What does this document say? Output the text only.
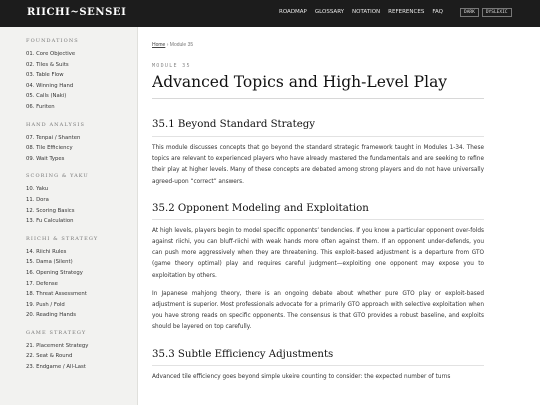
RIICHI~SENSEI	ROADMAP GLOSSARY NOTATION REFERENCES FAQ	DARK	DYSLEXIC
FOUNDATIONS
01. Core Objective
02. Tiles & Suits
03. Table Flow
04. Winning Hand
05. Calls (Naki)
06. Furiten
HAND ANALYSIS
07. Tenpai / Shanten
08. Tile Efficiency
09. Wait Types
SCORING & YAKU
10. Yaku
11. Dora
12. Scoring Basics
13. Fu Calculation
RIICHI & STRATEGY
14. Riichi Rules
15. Dama (Silent)
16. Opening Strategy
17. Defense
18. Threat Assessment
19. Push / Fold
20. Reading Hands
GAME STRATEGY
21. Placement Strategy
22. Seat & Round
23. Endgame / All-Last
Home › Module 35
MODULE 35
Advanced Topics and High-Level Play
35.1 Beyond Standard Strategy

This module discusses concepts that go beyond the standard strategic framework taught in Modules 1-34. These topics are relevant to experienced players who have already mastered the fundamentals and are seeking to refine their play at higher levels. Many of these concepts are debated among strong players and do not have universally agreed-upon “correct” answers.

35.2 Opponent Modeling and Exploitation

At high levels, players begin to model specific opponents’ tendencies. If you know a particular opponent over-folds against riichi, you can bluff-riichi with weak hands more often against them. If an opponent under-defends, you can push more aggressively when they are threatening. This exploit-based adjustment is a departure from GTO (game theory optimal) play and requires careful judgment—exploiting one opponent may expose you to exploitation by others.

In Japanese mahjong theory, there is an ongoing debate about whether pure GTO play or exploit-based adjustment is superior. Most professionals advocate for a primarily GTO approach with selective exploitation when you have strong reads on specific opponents. The consensus is that GTO provides a robust baseline, and exploits should be layered on top carefully.

35.3 Subtle Efficiency Adjustments

Advanced tile efficiency goes beyond simple ukeire counting to consider: the expected number of turns
